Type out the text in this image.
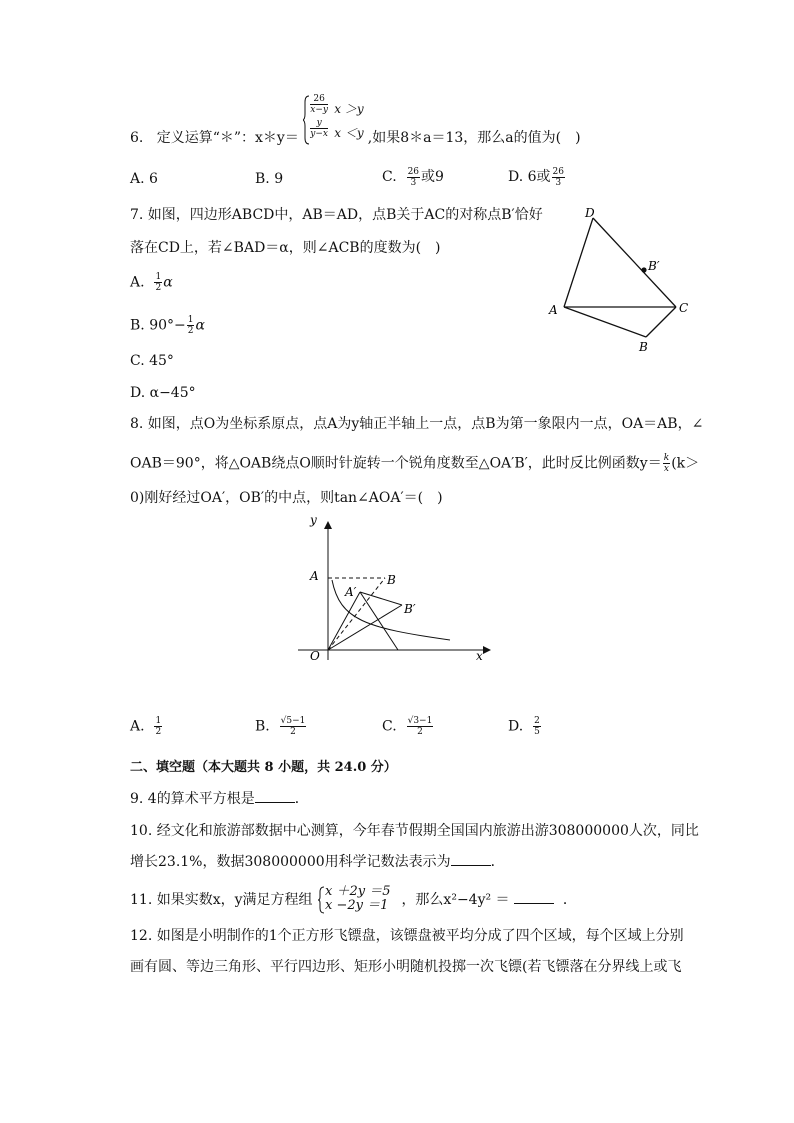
6. 定义运算“＊”：x＊y＝
$\frac{26}{x-y}$ x ＞y
$\frac{y}{y-x}$ x ＜y ,如果8＊a＝13，那么a的值为(　)
A. 6	B. 9	C. $\frac{26}{3}$ 或9	D. 6或 $\frac{26}{3}$
7. 如图，四边形ABCD中，AB＝AD，点B关于AC的对称点B′恰好
落在CD上，若∠BAD＝α，则∠ACB的度数为(　)
A. $\frac{1}{2}$ α
B. $90^\circ- \frac{1}{2}$ α
C. 45°
D. α−45°
D
B′
A	C
B
8. 如图，点O为坐标系原点，点A为y轴正半轴上一点，点B为第一象限内一点，OA＝AB，∠
OAB＝90°，将△OAB绕点O顺时针旋转一个锐角度数至△OA′B′，此时反比例函数$y= \frac{k}{x} (k>$
0)刚好经过OA′，OB′的中点，则tan∠AOA′＝(　)
y
x
A	B
A′
B′
O
A. $\frac{1}{2}$	B. $\frac{√5-1}{2}$	C. $\frac{√3-1}{2}$	D. $\frac{2}{5}$
二、填空题（本大题共 8 小题，共 24.0 分）
9. 4的算术平方根是	．
10. 经文化和旅游部数据中心测算，今年春节假期全国国内旅游出游308000000人次，同比
增长23.1%，数据308000000用科学记数法表示为	．
11. 如果实数x，y满足方程组
x ＋2y ＝5
x −2y ＝1 ，那么x²−4y² ＝	．
12. 如图是小明制作的1个正方形飞镖盘，该镖盘被平均分成了四个区域，每个区域上分别
画有圆、等边三角形、平行四边形、矩形小明随机投掷一次飞镖(若飞镖落在分界线上或飞
